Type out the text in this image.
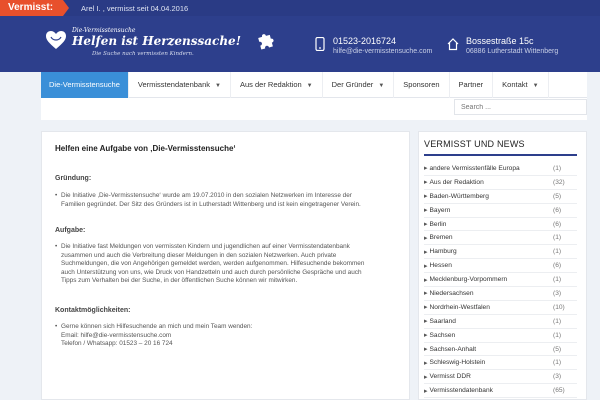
Vermisst:	Arel I. , vermisst seit 04.04.2016
Die-Vermisstensuche
Helfen ist Herzenssache!
Die Suche nach vermissten Kindern.
01523-2016724
hilfe@die-vermisstensuche.com
Bossestraße 15c
06886 Lutherstadt Wittenberg
Die-Vermisstensuche	Vermisstendatenbank ▼	Aus der Redaktion ▼	Der Gründer ▼	Sponsoren	Partner	Kontakt ▼
Search ...
Helfen eine Aufgabe von ‚Die-Vermisstensuche‘
Gründung:
• Die Initiative ‚Die-Vermisstensuche‘ wurde am 19.07.2010 in den sozialen Netzwerken im Interesse der
Familien gegründet. Der Sitz des Gründers ist in Lutherstadt Wittenberg und ist kein eingetragener Verein.
Aufgabe:
• Die Initiative fast Meldungen von vermissten Kindern und jugendlichen auf einer Vermisstendatenbank
zusammen und auch die Verbreitung dieser Meldungen in den sozialen Netzwerken. Auch private
Suchmeldungen, die von Angehörigen gemeldet werden, werden aufgenommen. Hilfesuchende bekommen
auch Unterstützung von uns, wie Druck von Handzetteln und auch durch persönliche Gespräche und auch
Tipps zum Verhalten bei der Suche, in der öffentlichen Suche können wir mitwirken.
Kontaktmöglichkeiten:
• Gerne können sich Hilfesuchende an mich und mein Team wenden:
Email: hilfe@die-vermisstensuche.com
Telefon / Whatsapp: 01523 – 20 16 724
VERMISST UND NEWS
▸ andere Vermisstenfälle Europa	(1)
▸ Aus der Redaktion	(32)
▸ Baden-Württemberg	(5)
▸ Bayern	(6)
▸ Berlin	(6)
▸ Bremen	(1)
▸ Hamburg	(1)
▸ Hessen	(6)
▸ Mecklenburg-Vorpommern	(1)
▸ Niedersachsen	(3)
▸ Nordrhein-Westfalen	(10)
▸ Saarland	(1)
▸ Sachsen	(1)
▸ Sachsen-Anhalt	(5)
▸ Schleswig-Holstein	(1)
▸ Vermisst DDR	(3)
▸ Vermisstendatenbank	(65)
